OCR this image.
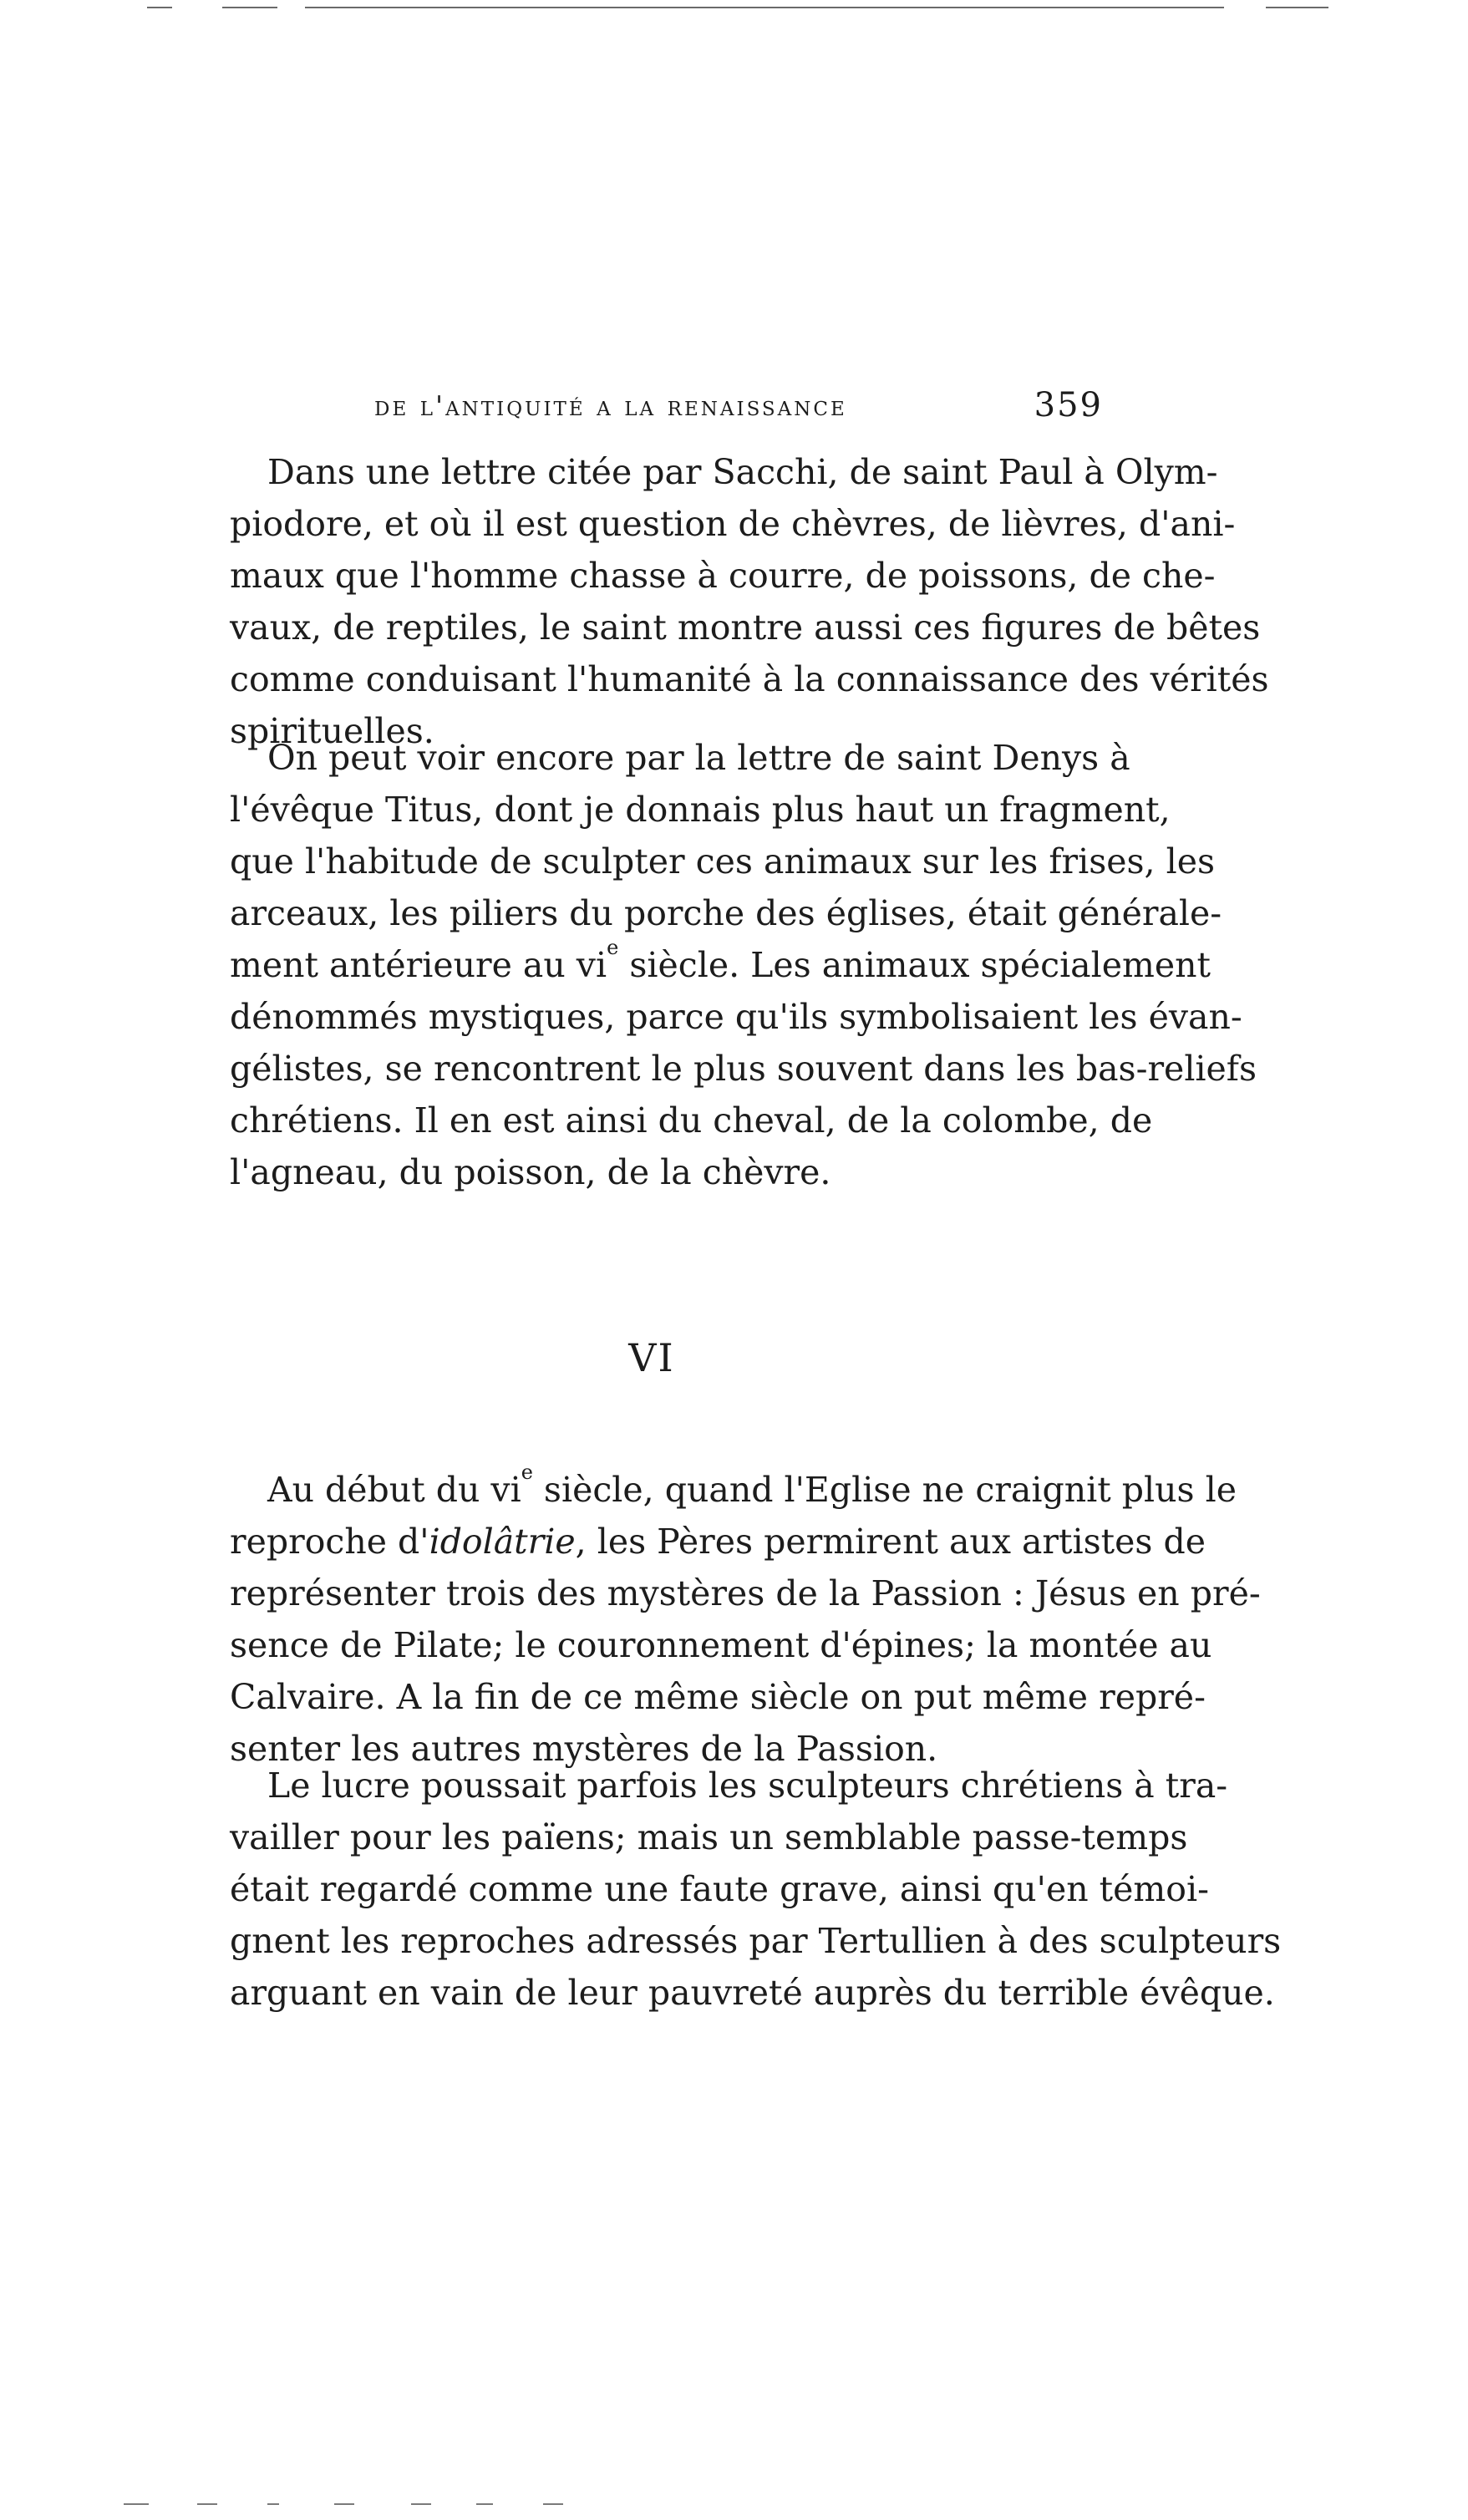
de l'antiquité a la renaissance	359
Dans une lettre citée par Sacchi, de saint Paul à Olym-
piodore, et où il est question de chèvres, de lièvres, d'ani-
maux que l'homme chasse à courre, de poissons, de che-
vaux, de reptiles, le saint montre aussi ces figures de bêtes
comme conduisant l'humanité à la connaissance des vérités
spirituelles.
On peut voir encore par la lettre de saint Denys à
l'évêque Titus, dont je donnais plus haut un fragment,
que l'habitude de sculpter ces animaux sur les frises, les
arceaux, les piliers du porche des églises, était générale-
ment antérieure au $vi^e$ siècle. Les animaux spécialement
dénommés mystiques, parce qu'ils symbolisaient les évan-
gélistes, se rencontrent le plus souvent dans les bas-reliefs
chrétiens. Il en est ainsi du cheval, de la colombe, de
l'agneau, du poisson, de la chèvre.
VI
Au début du $vi^e$ siècle, quand l'Eglise ne craignit plus le
reproche d'idolâtrie, les Pères permirent aux artistes de
représenter trois des mystères de la Passion : Jésus en pré-
sence de Pilate; le couronnement d'épines; la montée au
Calvaire. A la fin de ce même siècle on put même repré-
senter les autres mystères de la Passion.
Le lucre poussait parfois les sculpteurs chrétiens à tra-
vailler pour les païens; mais un semblable passe-temps
était regardé comme une faute grave, ainsi qu'en témoi-
gnent les reproches adressés par Tertullien à des sculpteurs
arguant en vain de leur pauvreté auprès du terrible évêque.
